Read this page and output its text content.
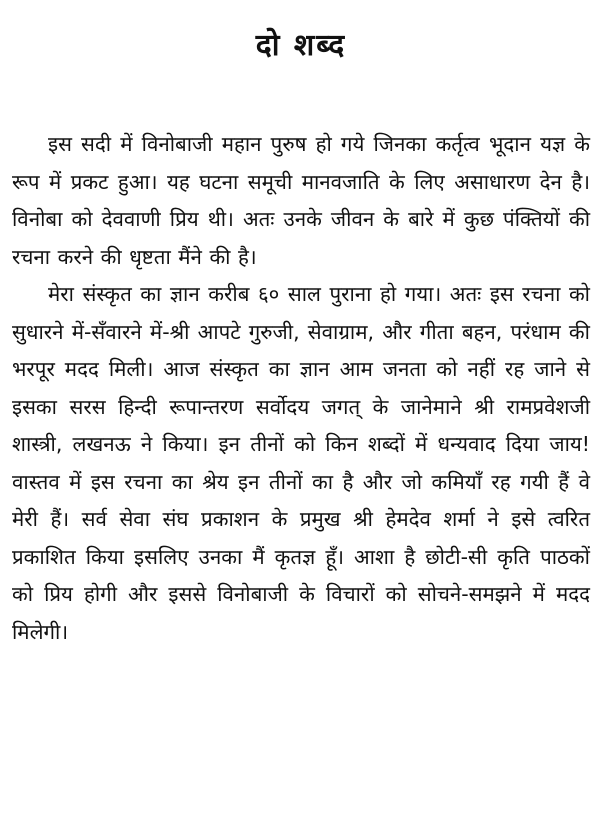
दो शब्द

इस सदी में विनोबाजी महान पुरुष हो गये जिनका कर्तृत्व भूदान यज्ञ के रूप में प्रकट हुआ। यह घटना समूची मानवजाति के लिए असाधारण देन है। विनोबा को देववाणी प्रिय थी। अतः उनके जीवन के बारे में कुछ पंक्तियों की रचना करने की धृष्टता मैंने की है।

मेरा संस्कृत का ज्ञान करीब ६० साल पुराना हो गया। अतः इस रचना को सुधारने में-सँवारने में-श्री आपटे गुरुजी, सेवाग्राम, और गीता बहन, परंधाम की भरपूर मदद मिली। आज संस्कृत का ज्ञान आम जनता को नहीं रह जाने से इसका सरस हिन्दी रूपान्तरण सर्वोदय जगत् के जानेमाने श्री रामप्रवेशजी शास्त्री, लखनऊ ने किया। इन तीनों को किन शब्दों में धन्यवाद दिया जाय! वास्तव में इस रचना का श्रेय इन तीनों का है और जो कमियाँ रह गयी हैं वे मेरी हैं। सर्व सेवा संघ प्रकाशन के प्रमुख श्री हेमदेव शर्मा ने इसे त्वरित प्रकाशित किया इसलिए उनका मैं कृतज्ञ हूँ। आशा है छोटी-सी कृति पाठकों को प्रिय होगी और इससे विनोबाजी के विचारों को सोचने-समझने में मदद मिलेगी।
